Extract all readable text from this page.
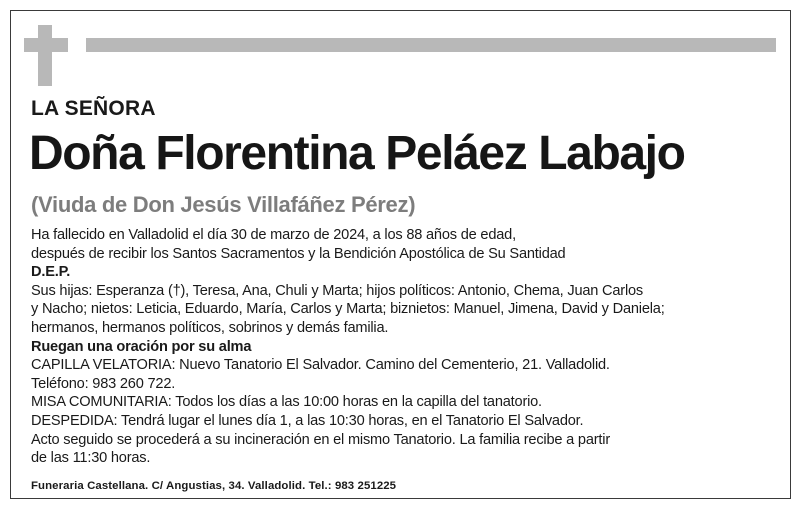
LA SEÑORA
Doña Florentina Peláez Labajo
(Viuda de Don Jesús Villafáñez Pérez)
Ha fallecido en Valladolid el día 30 de marzo de 2024, a los 88 años de edad,
después de recibir los Santos Sacramentos y la Bendición Apostólica de Su Santidad
D.E.P.
Sus hijas: Esperanza (†), Teresa, Ana, Chuli y Marta; hijos políticos: Antonio, Chema, Juan Carlos
y Nacho; nietos: Leticia, Eduardo, María, Carlos y Marta; biznietos: Manuel, Jimena, David y Daniela;
hermanos, hermanos políticos, sobrinos y demás familia.
Ruegan una oración por su alma
CAPILLA VELATORIA: Nuevo Tanatorio El Salvador. Camino del Cementerio, 21. Valladolid.
Teléfono: 983 260 722.
MISA COMUNITARIA: Todos los días a las 10:00 horas en la capilla del tanatorio.
DESPEDIDA: Tendrá lugar el lunes día 1, a las 10:30 horas, en el Tanatorio El Salvador.
Acto seguido se procederá a su incineración en el mismo Tanatorio. La familia recibe a partir
de las 11:30 horas.
Funeraria Castellana. C/ Angustias, 34. Valladolid. Tel.: 983 251225
